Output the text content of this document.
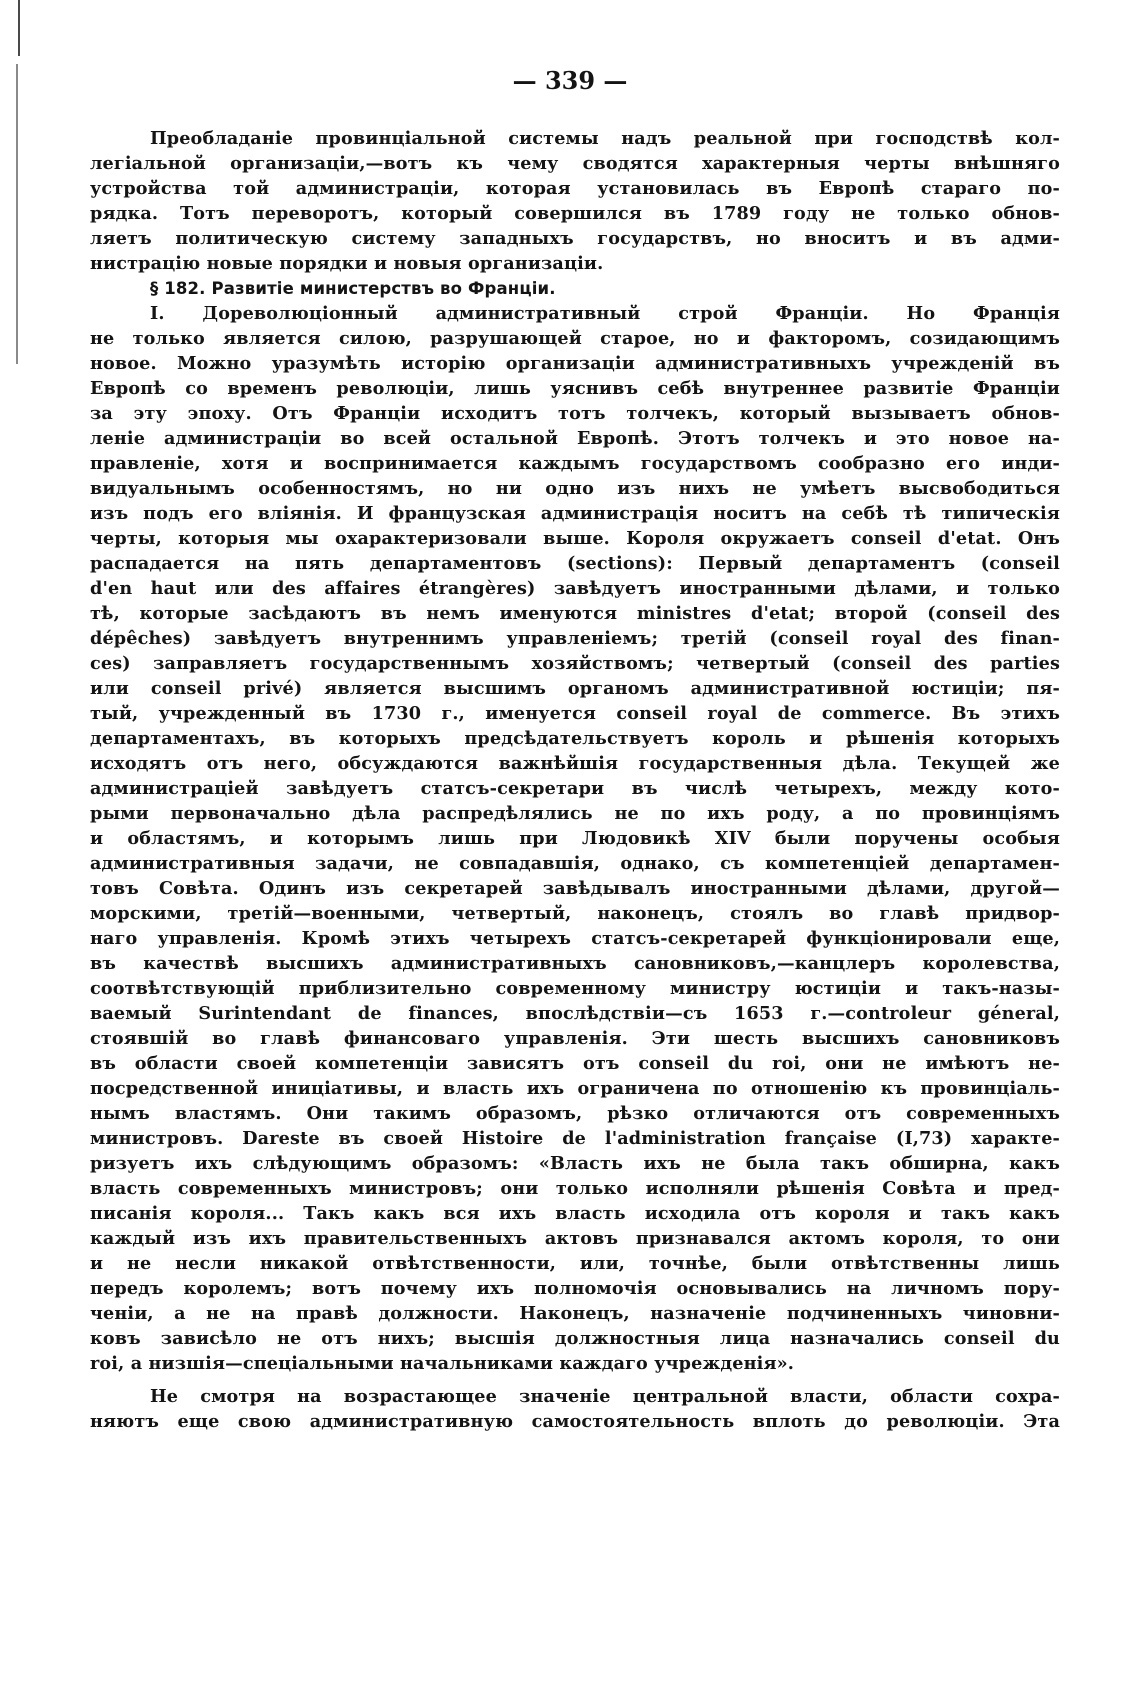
— 339 —
Преобладаніе провинціальной системы надъ реальной при господствѣ кол-
легіальной организаціи,—вотъ къ чему сводятся характерныя черты внѣшняго
устройства той администраціи, которая установилась въ Европѣ стараго по-
рядка. Тотъ переворотъ, который совершился въ 1789 году не только обнов-
ляетъ политическую систему западныхъ государствъ, но вноситъ и въ адми-
нистрацію новые порядки и новыя организаціи.
§ 182. Развитіе министерствъ во Франціи.
I. Дореволюціонный административный строй Франціи. Но Франція
не только является силою, разрушающей старое, но и факторомъ, созидающимъ
новое. Можно уразумѣть исторію организаціи административныхъ учрежденій въ
Европѣ со временъ революціи, лишь уяснивъ себѣ внутреннее развитіе Франціи
за эту эпоху. Отъ Франціи исходитъ тотъ толчекъ, который вызываетъ обнов-
леніе администраціи во всей остальной Европѣ. Этотъ толчекъ и это новое на-
правленіе, хотя и воспринимается каждымъ государствомъ сообразно его инди-
видуальнымъ особенностямъ, но ни одно изъ нихъ не умѣетъ высвободиться
изъ подъ его вліянія. И французская администрація носитъ на себѣ тѣ типическія
черты, которыя мы охарактеризовали выше. Короля окружаетъ conseil d'etat. Онъ
распадается на пять департаментовъ (sections): Первый департаментъ (conseil
d'en haut или des affaires étrangères) завѣдуетъ иностранными дѣлами, и только
тѣ, которые засѣдаютъ въ немъ именуются ministres d'etat; второй (conseil des
dépêches) завѣдуетъ внутреннимъ управленіемъ; третій (conseil royal des finan-
ces) заправляетъ государственнымъ хозяйствомъ; четвертый (conseil des parties
или conseil privé) является высшимъ органомъ административной юстиціи; пя-
тый, учрежденный въ 1730 г., именуется conseil royal de commerce. Въ этихъ
департаментахъ, въ которыхъ предсѣдательствуетъ король и рѣшенія которыхъ
исходятъ отъ него, обсуждаются важнѣйшія государственныя дѣла. Текущей же
администраціей завѣдуетъ статсъ-секретари въ числѣ четырехъ, между кото-
рыми первоначально дѣла распредѣлялись не по ихъ роду, а по провинціямъ
и областямъ, и которымъ лишь при Людовикѣ XIV были поручены особыя
административныя задачи, не совпадавшія, однако, съ компетенціей департамен-
товъ Совѣта. Одинъ изъ секретарей завѣдывалъ иностранными дѣлами, другой—
морскими, третій—военными, четвертый, наконецъ, стоялъ во главѣ придвор-
наго управленія. Кромѣ этихъ четырехъ статсъ-секретарей функціонировали еще,
въ качествѣ высшихъ административныхъ сановниковъ,—канцлеръ королевства,
соотвѣтствующій приблизительно современному министру юстиціи и такъ-назы-
ваемый Surintendant de finances, впослѣдствіи—съ 1653 г.—controleur géneral,
стоявшій во главѣ финансоваго управленія. Эти шесть высшихъ сановниковъ
въ области своей компетенціи зависятъ отъ conseil du roi, они не имѣютъ не-
посредственной иниціативы, и власть ихъ ограничена по отношенію къ провинціаль-
нымъ властямъ. Они такимъ образомъ, рѣзко отличаются отъ современныхъ
министровъ. Dareste въ своей Histoire de l'administration française (I,73) характе-
ризуетъ ихъ слѣдующимъ образомъ: «Власть ихъ не была такъ обширна, какъ
власть современныхъ министровъ; они только исполняли рѣшенія Совѣта и пред-
писанія короля... Такъ какъ вся ихъ власть исходила отъ короля и такъ какъ
каждый изъ ихъ правительственныхъ актовъ признавался актомъ короля, то они
и не несли никакой отвѣтственности, или, точнѣе, были отвѣтственны лишь
передъ королемъ; вотъ почему ихъ полномочія основывались на личномъ пору-
ченіи, а не на правѣ должности. Наконецъ, назначеніе подчиненныхъ чиновни-
ковъ зависѣло не отъ нихъ; высшія должностныя лица назначались conseil du
roi, а низшія—спеціальными начальниками каждаго учрежденія».
Не смотря на возрастающее значеніе центральной власти, области сохра-
няютъ еще свою административную самостоятельность вплоть до революціи. Эта
